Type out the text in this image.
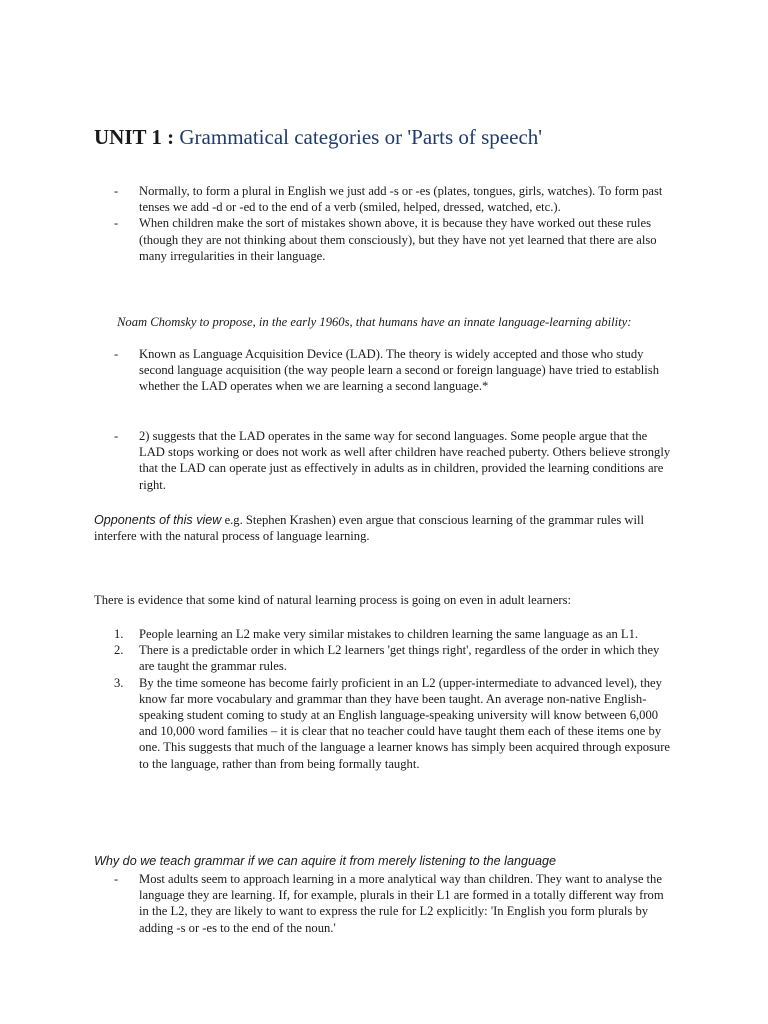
UNIT 1 : Grammatical categories or 'Parts of speech'
- Normally, to form a plural in English we just add -s or -es (plates, tongues, girls, watches). To form past tenses we add -d or -ed to the end of a verb (smiled, helped, dressed, watched, etc.).
- When children make the sort of mistakes shown above, it is because they have worked out these rules (though they are not thinking about them consciously), but they have not yet learned that there are also many irregularities in their language.

Noam Chomsky to propose, in the early 1960s, that humans have an innate language-learning ability:

- Known as Language Acquisition Device (LAD). The theory is widely accepted and those who study second language acquisition (the way people learn a second or foreign language) have tried to establish whether the LAD operates when we are learning a second language.*
- 2) suggests that the LAD operates in the same way for second languages. Some people argue that the LAD stops working or does not work as well after children have reached puberty. Others believe strongly that the LAD can operate just as effectively in adults as in children, provided the learning conditions are right.

Opponents of this view e.g. Stephen Krashen) even argue that conscious learning of the grammar rules will interfere with the natural process of language learning.

There is evidence that some kind of natural learning process is going on even in adult learners:

1. People learning an L2 make very similar mistakes to children learning the same language as an L1.
2. There is a predictable order in which L2 learners 'get things right', regardless of the order in which they are taught the grammar rules.
3. By the time someone has become fairly proficient in an L2 (upper-intermediate to advanced level), they know far more vocabulary and grammar than they have been taught. An average non-native English-speaking student coming to study at an English language-speaking university will know between 6,000 and 10,000 word families – it is clear that no teacher could have taught them each of these items one by one. This suggests that much of the language a learner knows has simply been acquired through exposure to the language, rather than from being formally taught.

Why do we teach grammar if we can aquire it from merely listening to the language

- Most adults seem to approach learning in a more analytical way than children. They want to analyse the language they are learning. If, for example, plurals in their L1 are formed in a totally different way from in the L2, they are likely to want to express the rule for L2 explicitly: 'In English you form plurals by adding -s or -es to the end of the noun.'
